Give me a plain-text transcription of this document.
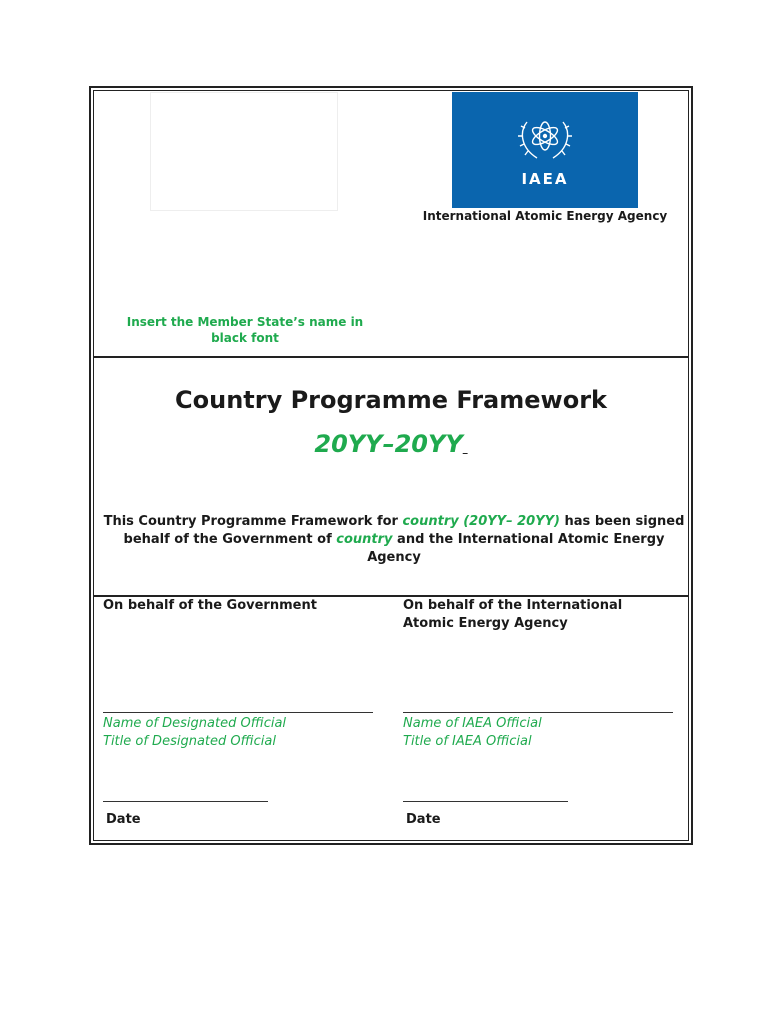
IAEA
International Atomic Energy Agency
Insert the Member State’s name in black font
Country Programme Framework
20YY–20YY
This Country Programme Framework for country (20YY– 20YY) has been signed behalf of the Government of country and the International Atomic Energy Agency
On behalf of the Government
Name of Designated Official
Title of Designated Official
Date
On behalf of the International Atomic Energy Agency
Name of IAEA Official
Title of IAEA Official
Date
